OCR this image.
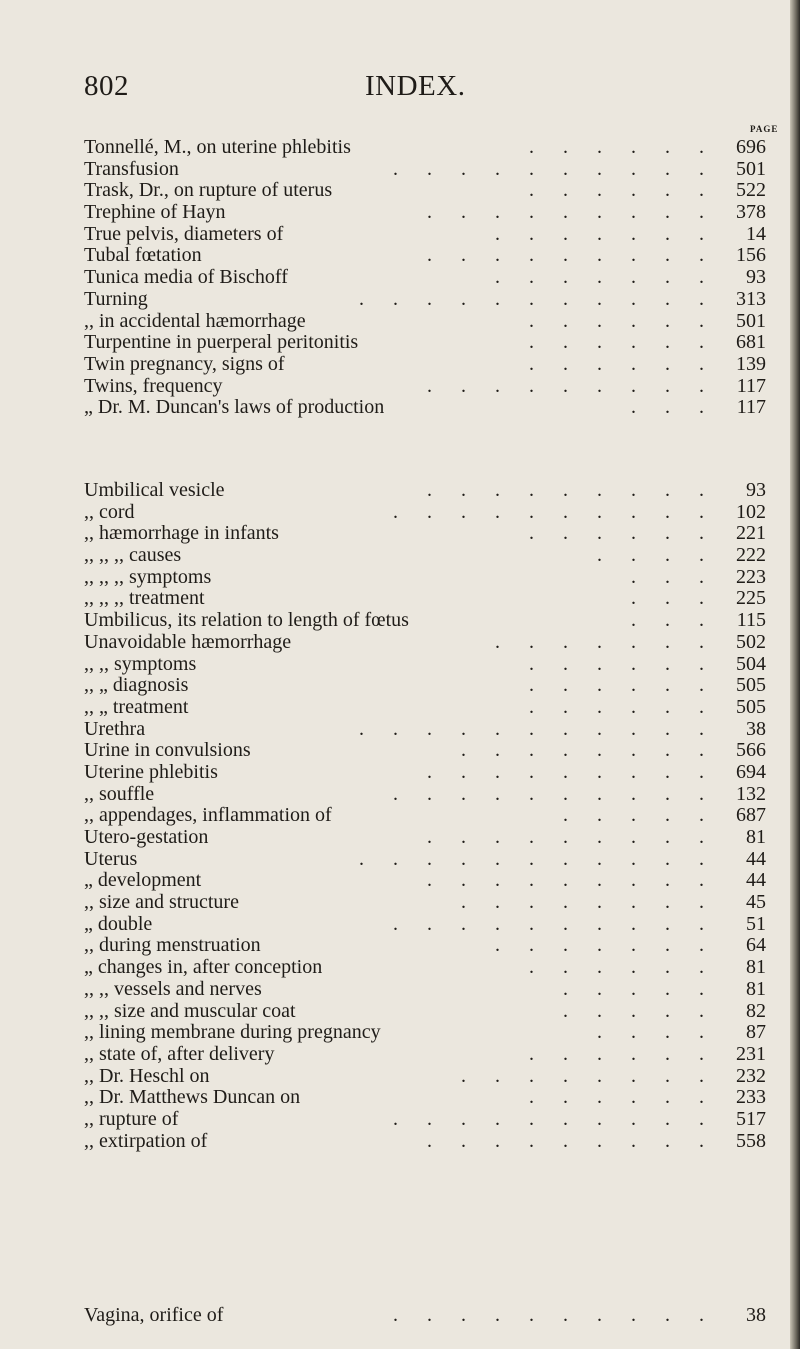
802	INDEX.
PAGE
Tonnellé, M., on uterine phlebitis	. . . . . . 696
Transfusion	. . . . . . . . . . 501
Trask, Dr., on rupture of uterus	. . . . . . 522
Trephine of Hayn	. . . . . . . . . 378
True pelvis, diameters of	. . . . . . . 14
Tubal fœtation	. . . . . . . . . 156
Tunica media of Bischoff	. . . . . . . 93
Turning	. . . . . . . . . . . 313
,, in accidental hæmorrhage	. . . . . . 501
Turpentine in puerperal peritonitis	. . . . . . 681
Twin pregnancy, signs of	. . . . . . 139
Twins, frequency	. . . . . . . . . 117
„ Dr. M. Duncan's laws of production	. . . 117
Umbilical vesicle	. . . . . . . . . 93
,, cord	. . . . . . . . . . 102
,, hæmorrhage in infants	. . . . . . 221
,, ,, ,, causes	. . . . 222
,, ,, ,, symptoms	. . . 223
,, ,, ,, treatment	. . . 225
Umbilicus, its relation to length of fœtus	. . . 115
Unavoidable hæmorrhage	. . . . . . . 502
,, ,, symptoms	. . . . . . 504
,, „ diagnosis	. . . . . . 505
,, „ treatment	. . . . . . 505
Urethra	. . . . . . . . . . . 38
Urine in convulsions	. . . . . . . . 566
Uterine phlebitis	. . . . . . . . . 694
,, souffle	. . . . . . . . . . 132
,, appendages, inflammation of	. . . . . 687
Utero-gestation	. . . . . . . . . 81
Uterus	. . . . . . . . . . . 44
„ development	. . . . . . . . . 44
,, size and structure	. . . . . . . . 45
„ double	. . . . . . . . . . 51
,, during menstruation	. . . . . . . 64
„ changes in, after conception	. . . . . . 81
,, ,, vessels and nerves	. . . . . 81
,, ,, size and muscular coat	. . . . . 82
,, lining membrane during pregnancy	. . . . 87
,, state of, after delivery	. . . . . . 231
,, Dr. Heschl on	. . . . . . . . 232
,, Dr. Matthews Duncan on	. . . . . . 233
,, rupture of	. . . . . . . . . . 517
,, extirpation of	. . . . . . . . . 558
Vagina, orifice of	. . . . . . . . . . 38
